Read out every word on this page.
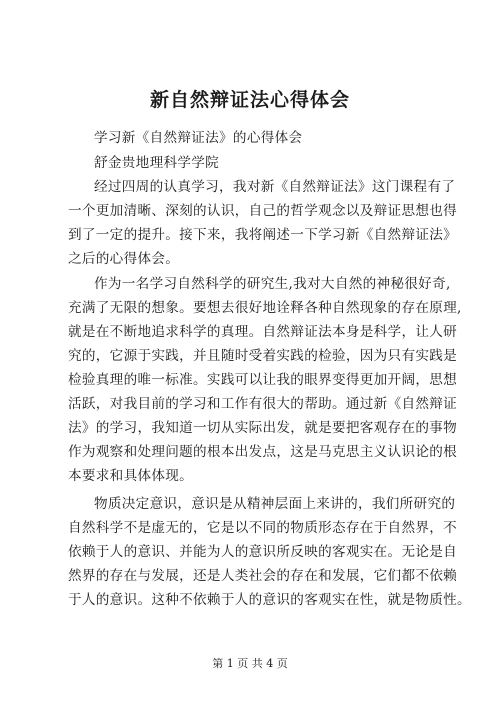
新自然辩证法心得体会

学习新《自然辩证法》的心得体会

舒金贵地理科学学院

经过四周的认真学习，我对新《自然辩证法》这门课程有了

一个更加清晰、深刻的认识，自己的哲学观念以及辩证思想也得

到了一定的提升。接下来，我将阐述一下学习新《自然辩证法》

之后的心得体会。

作为一名学习自然科学的研究生,我对大自然的神秘很好奇,

充满了无限的想象。要想去很好地诠释各种自然现象的存在原理,

就是在不断地追求科学的真理。自然辩证法本身是科学，让人研

究的，它源于实践，并且随时受着实践的检验，因为只有实践是

检验真理的唯一标准。实践可以让我的眼界变得更加开阔，思想

活跃，对我目前的学习和工作有很大的帮助。通过新《自然辩证

法》的学习，我知道一切从实际出发，就是要把客观存在的事物

作为观察和处理问题的根本出发点，这是马克思主义认识论的根

本要求和具体体现。

物质决定意识，意识是从精神层面上来讲的，我们所研究的

自然科学不是虚无的，它是以不同的物质形态存在于自然界，不

依赖于人的意识、并能为人的意识所反映的客观实在。无论是自

然界的存在与发展，还是人类社会的存在和发展，它们都不依赖

于人的意识。这种不依赖于人的意识的客观实在性，就是物质性。

第 1 页 共 4 页
